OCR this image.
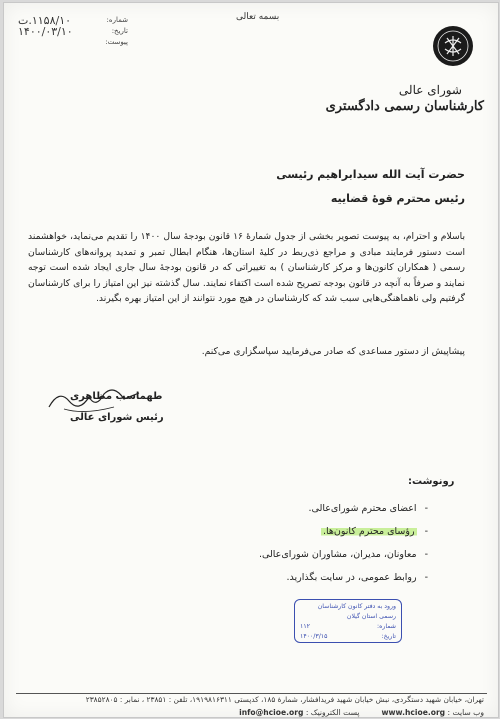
بسمه تعالی
شماره:
۱۱۵۸/۱۰.ت
تاریخ:
۱۴۰۰/۰۳/۱۰
پیوست:
شورای عالی
کارشناسان رسمی دادگستری
حضرت آیت الله سیدابراهیم رئیسی
رئیس محترم قوۀ قضاییه

باسلام و احترام، به پیوست تصویر بخشی از جدول شمارۀ ۱۶ قانون بودجۀ سال ۱۴۰۰ را تقدیم می‌نماید، خواهشمند است دستور فرمایند مبادی و مراجع ذی‌ربط در کلیۀ استان‌ها، هنگام ابطال تمبر و تمدید پروانه‌های کارشناسان رسمی ( همکاران کانون‌ها و مرکز کارشناسان ) به تغییراتی که در قانون بودجۀ سال جاری ایجاد شده است توجه نمایند و صرفاً به آنچه در قانون بودجه تصریح شده است اکتفاء نمایند. سال گذشته نیز این امتیاز را برای کارشناسان گرفتیم ولی ناهماهنگی‌هایی سبب شد که کارشناسان در هیچ مورد نتوانند از این امتیاز بهره بگیرند.

پیشاپیش از دستور مساعدی که صادر می‌فرمایید سپاسگزاری می‌کنم.
طهماسب مظاهری
رئیس شورای عالی
رونوشت:
-اعضای محترم شورای‌عالی.
-رؤسای محترم کانون‌ها.
-معاونان، مدیران، مشاوران شورای‌عالی.
-روابط عمومی، در سایت بگذارید.
ورود به دفتر کانون کارشناسان رسمی استان گیلان
شماره:
۱۱۲
تاریخ:
۱۴۰۰/۳/۱۵
تهران، خیابان شهید دستگردی، نبش خیابان شهید فریدافشار، شمارۀ ۱۸۵، کدپستی ۱۹۱۹۸۱۶۳۱۱، تلفن : ۲۳۸۵۱ ، نمابر : ۲۳۸۵۲۸۰۵
وب سایت : www.hcioe.org
پست الکترونیک : info@hcioe.org
